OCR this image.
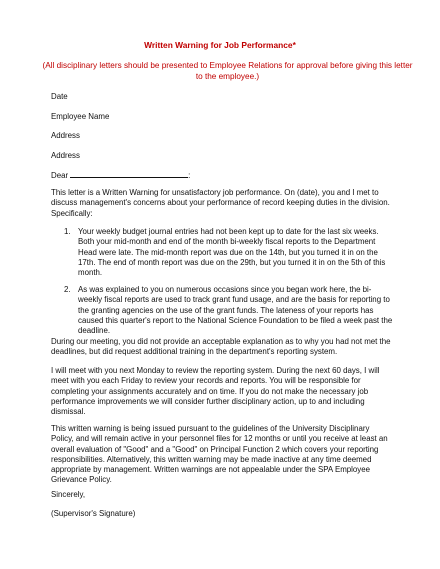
Written Warning for Job Performance*
(All disciplinary letters should be presented to Employee Relations for approval before giving this letter to the employee.)
Date
Employee Name
Address
Address
Dear	:
This letter is a Written Warning for unsatisfactory job performance. On (date), you and I met to discuss management's concerns about your performance of record keeping duties in the division. Specifically:
1. Your weekly budget journal entries had not been kept up to date for the last six weeks. Both your mid-month and end of the month bi-weekly fiscal reports to the Department Head were late. The mid-month report was due on the 14th, but you turned it in on the 17th. The end of month report was due on the 29th, but you turned it in on the 5th of this month.
2. As was explained to you on numerous occasions since you began work here, the bi-weekly fiscal reports are used to track grant fund usage, and are the basis for reporting to the granting agencies on the use of the grant funds. The lateness of your reports has caused this quarter's report to the National Science Foundation to be filed a week past the deadline.
During our meeting, you did not provide an acceptable explanation as to why you had not met the deadlines, but did request additional training in the department's reporting system.
I will meet with you next Monday to review the reporting system. During the next 60 days, I will meet with you each Friday to review your records and reports. You will be responsible for completing your assignments accurately and on time. If you do not make the necessary job performance improvements we will consider further disciplinary action, up to and including dismissal.
This written warning is being issued pursuant to the guidelines of the University Disciplinary Policy, and will remain active in your personnel files for 12 months or until you receive at least an overall evaluation of "Good" and a "Good" on Principal Function 2 which covers your reporting responsibilities. Alternatively, this written warning may be made inactive at any time deemed appropriate by management. Written warnings are not appealable under the SPA Employee Grievance Policy.
Sincerely,
(Supervisor's Signature)
